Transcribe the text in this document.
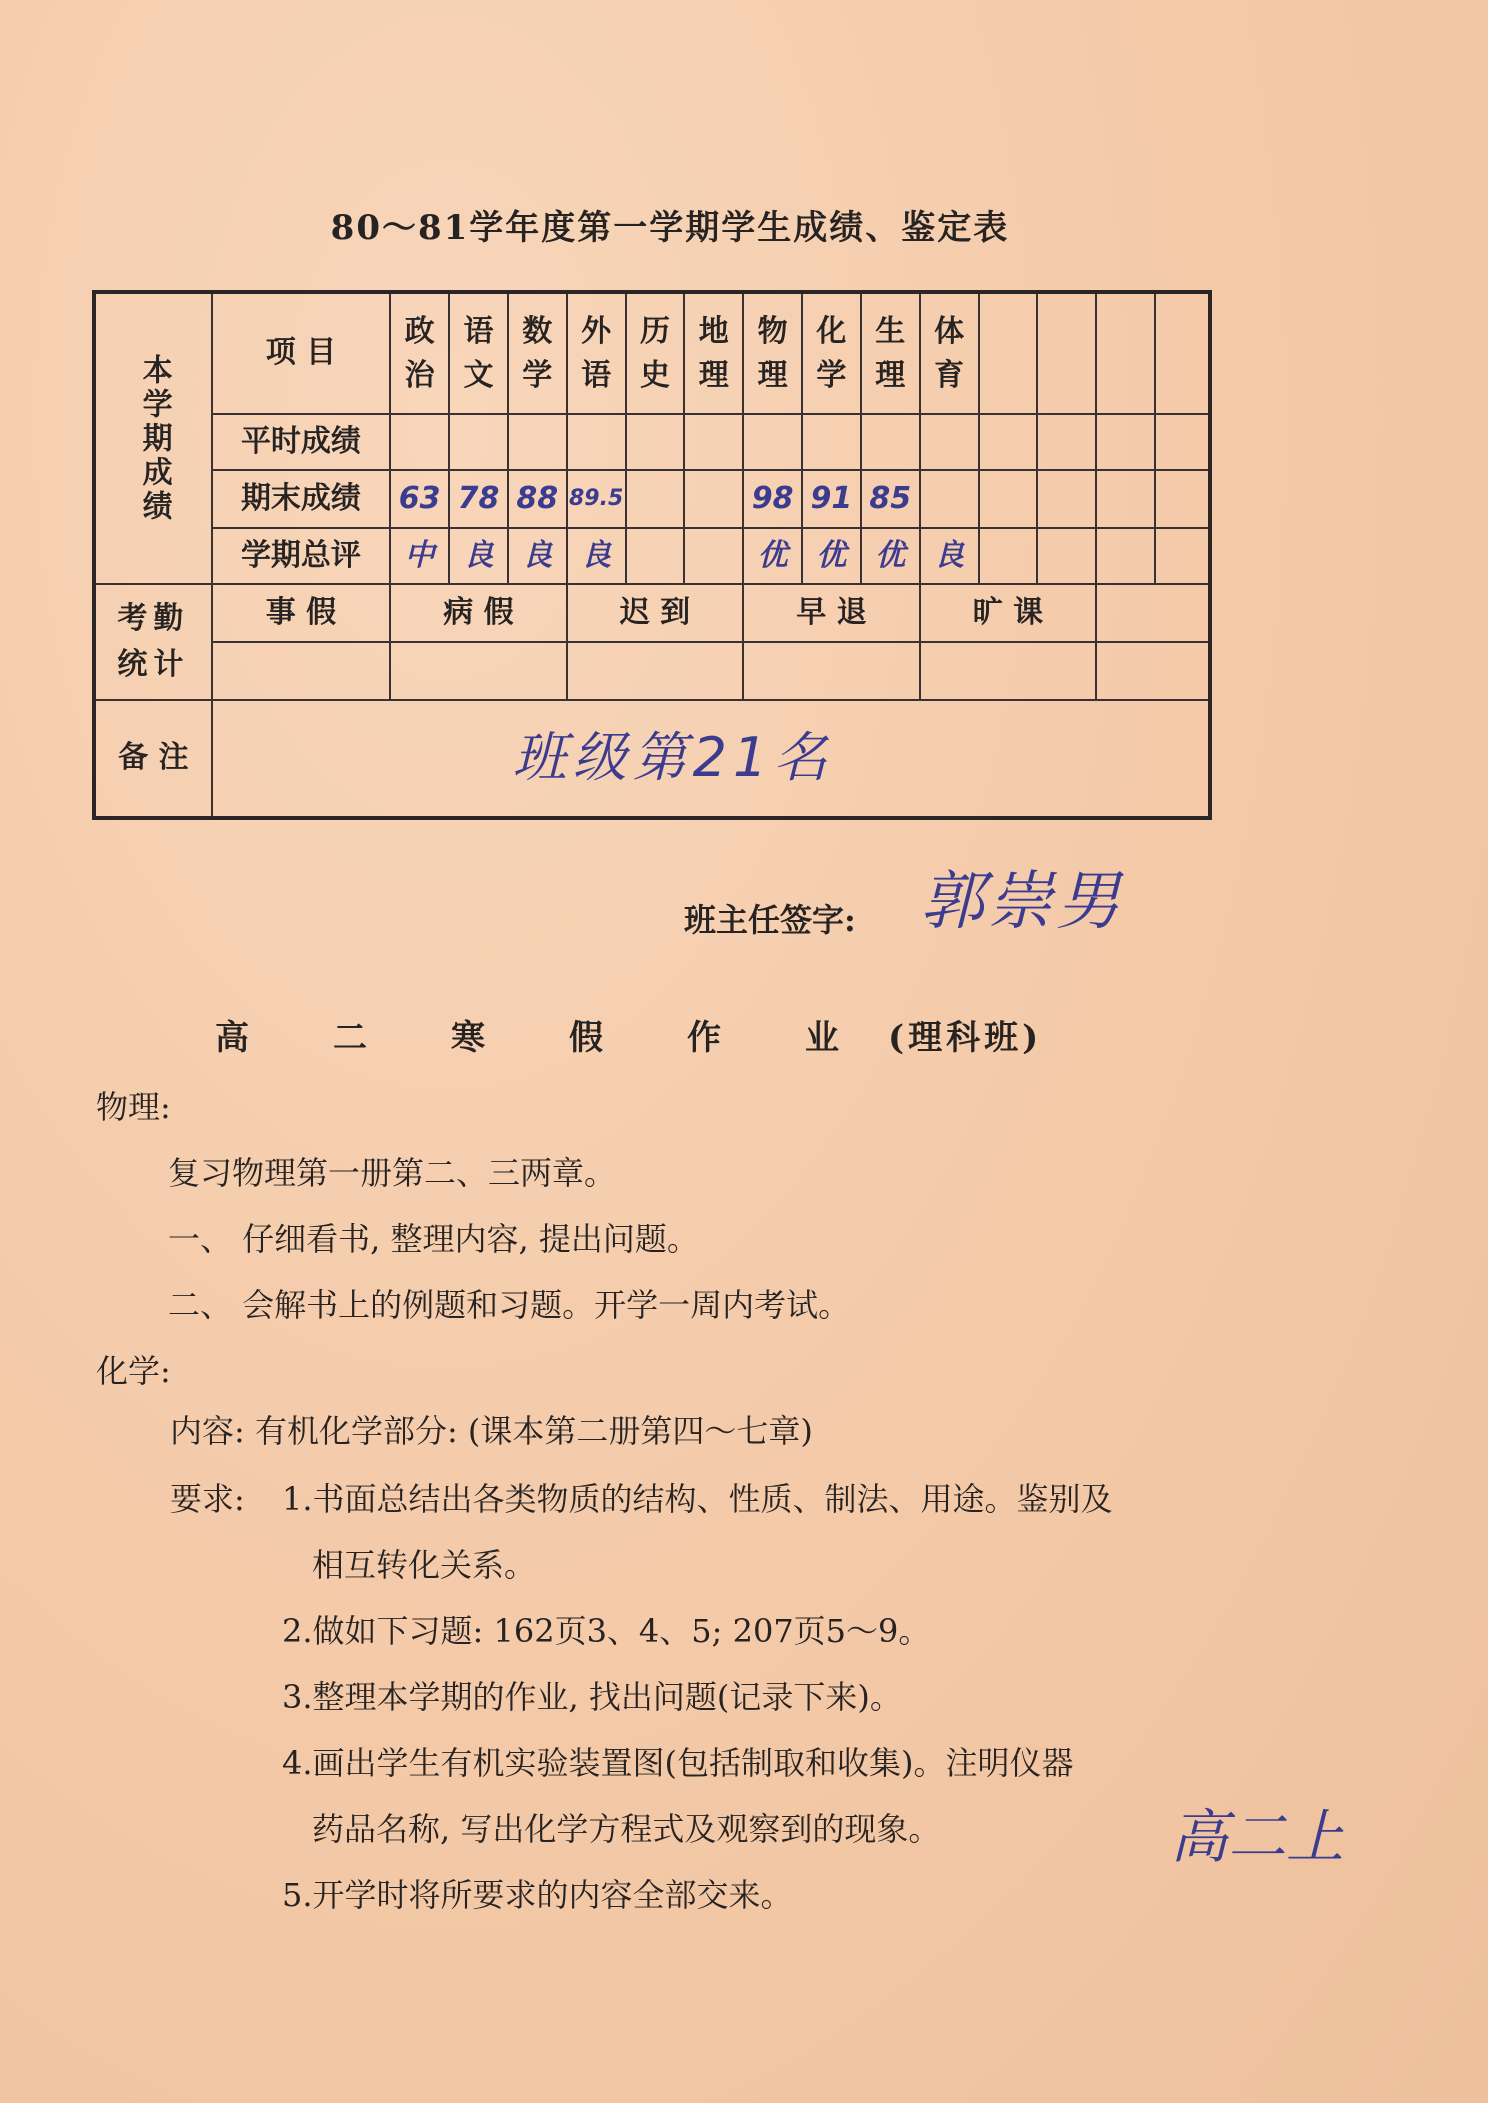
80～81学年度第一学期学生成绩、鉴定表
本学期成绩	项 目	政治	语文	数学	外语	历史	地理	物理	化学	生理	体育				
	平时成绩														
	期末成绩	63	78	88	89.5			98	91	85					
	学期总评	中	良	良	良			优	优	优	良				
考勤统计	事 假	病 假			迟 到			早 退			旷 课				

备 注	班级第21名														
班主任签字: 郭崇男
高二寒假作业
(理科班)
物理:
复习物理第一册第二、三两章。
一、 仔细看书, 整理内容, 提出问题。
二、 会解书上的例题和习题。开学一周内考试。
化学:
内容: 有机化学部分: (课本第二册第四～七章)
要求: 1.书面总结出各类物质的结构、性质、制法、用途。鉴别及
相互转化关系。
2.做如下习题: 162页3、4、5; 207页5～9。
3.整理本学期的作业, 找出问题(记录下来)。
4.画出学生有机实验装置图(包括制取和收集)。注明仪器
药品名称, 写出化学方程式及观察到的现象。
5.开学时将所要求的内容全部交来。
高二上
